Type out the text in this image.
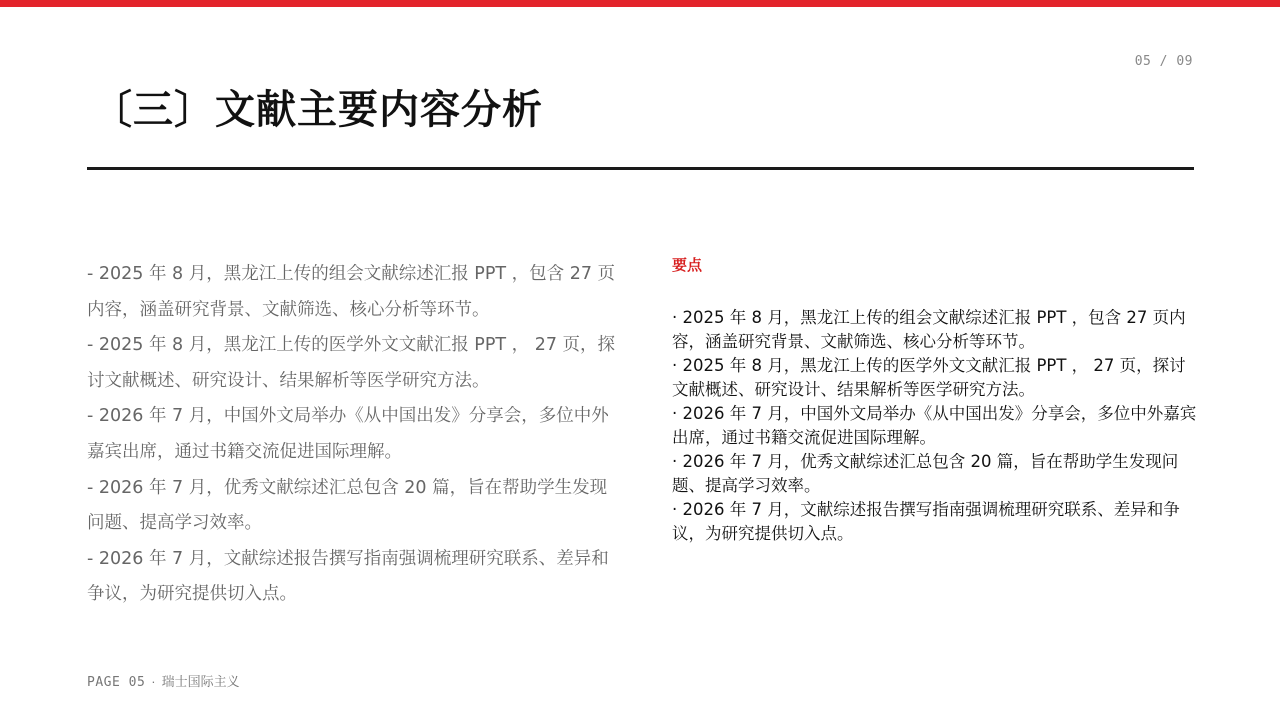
05 / 09
〔三〕文献主要内容分析

- 2025 年 8 月，黑龙江上传的组会文献综述汇报 PPT ，包含 27 页内容，涵盖研究背景、文献筛选、核心分析等环节。

- 2025 年 8 月，黑龙江上传的医学外文文献汇报 PPT ， 27 页，探讨文献概述、研究设计、结果解析等医学研究方法。

- 2026 年 7 月，中国外文局举办《从中国出发》分享会，多位中外嘉宾出席，通过书籍交流促进国际理解。

- 2026 年 7 月，优秀文献综述汇总包含 20 篇，旨在帮助学生发现问题、提高学习效率。

- 2026 年 7 月，文献综述报告撰写指南强调梳理研究联系、差异和争议，为研究提供切入点。

要点

· 2025 年 8 月，黑龙江上传的组会文献综述汇报 PPT ，包含 27 页内容，涵盖研究背景、文献筛选、核心分析等环节。

· 2025 年 8 月，黑龙江上传的医学外文文献汇报 PPT ， 27 页，探讨文献概述、研究设计、结果解析等医学研究方法。

· 2026 年 7 月，中国外文局举办《从中国出发》分享会，多位中外嘉宾出席，通过书籍交流促进国际理解。

· 2026 年 7 月，优秀文献综述汇总包含 20 篇，旨在帮助学生发现问题、提高学习效率。

· 2026 年 7 月，文献综述报告撰写指南强调梳理研究联系、差异和争议，为研究提供切入点。

PAGE 05 · 瑞士国际主义
